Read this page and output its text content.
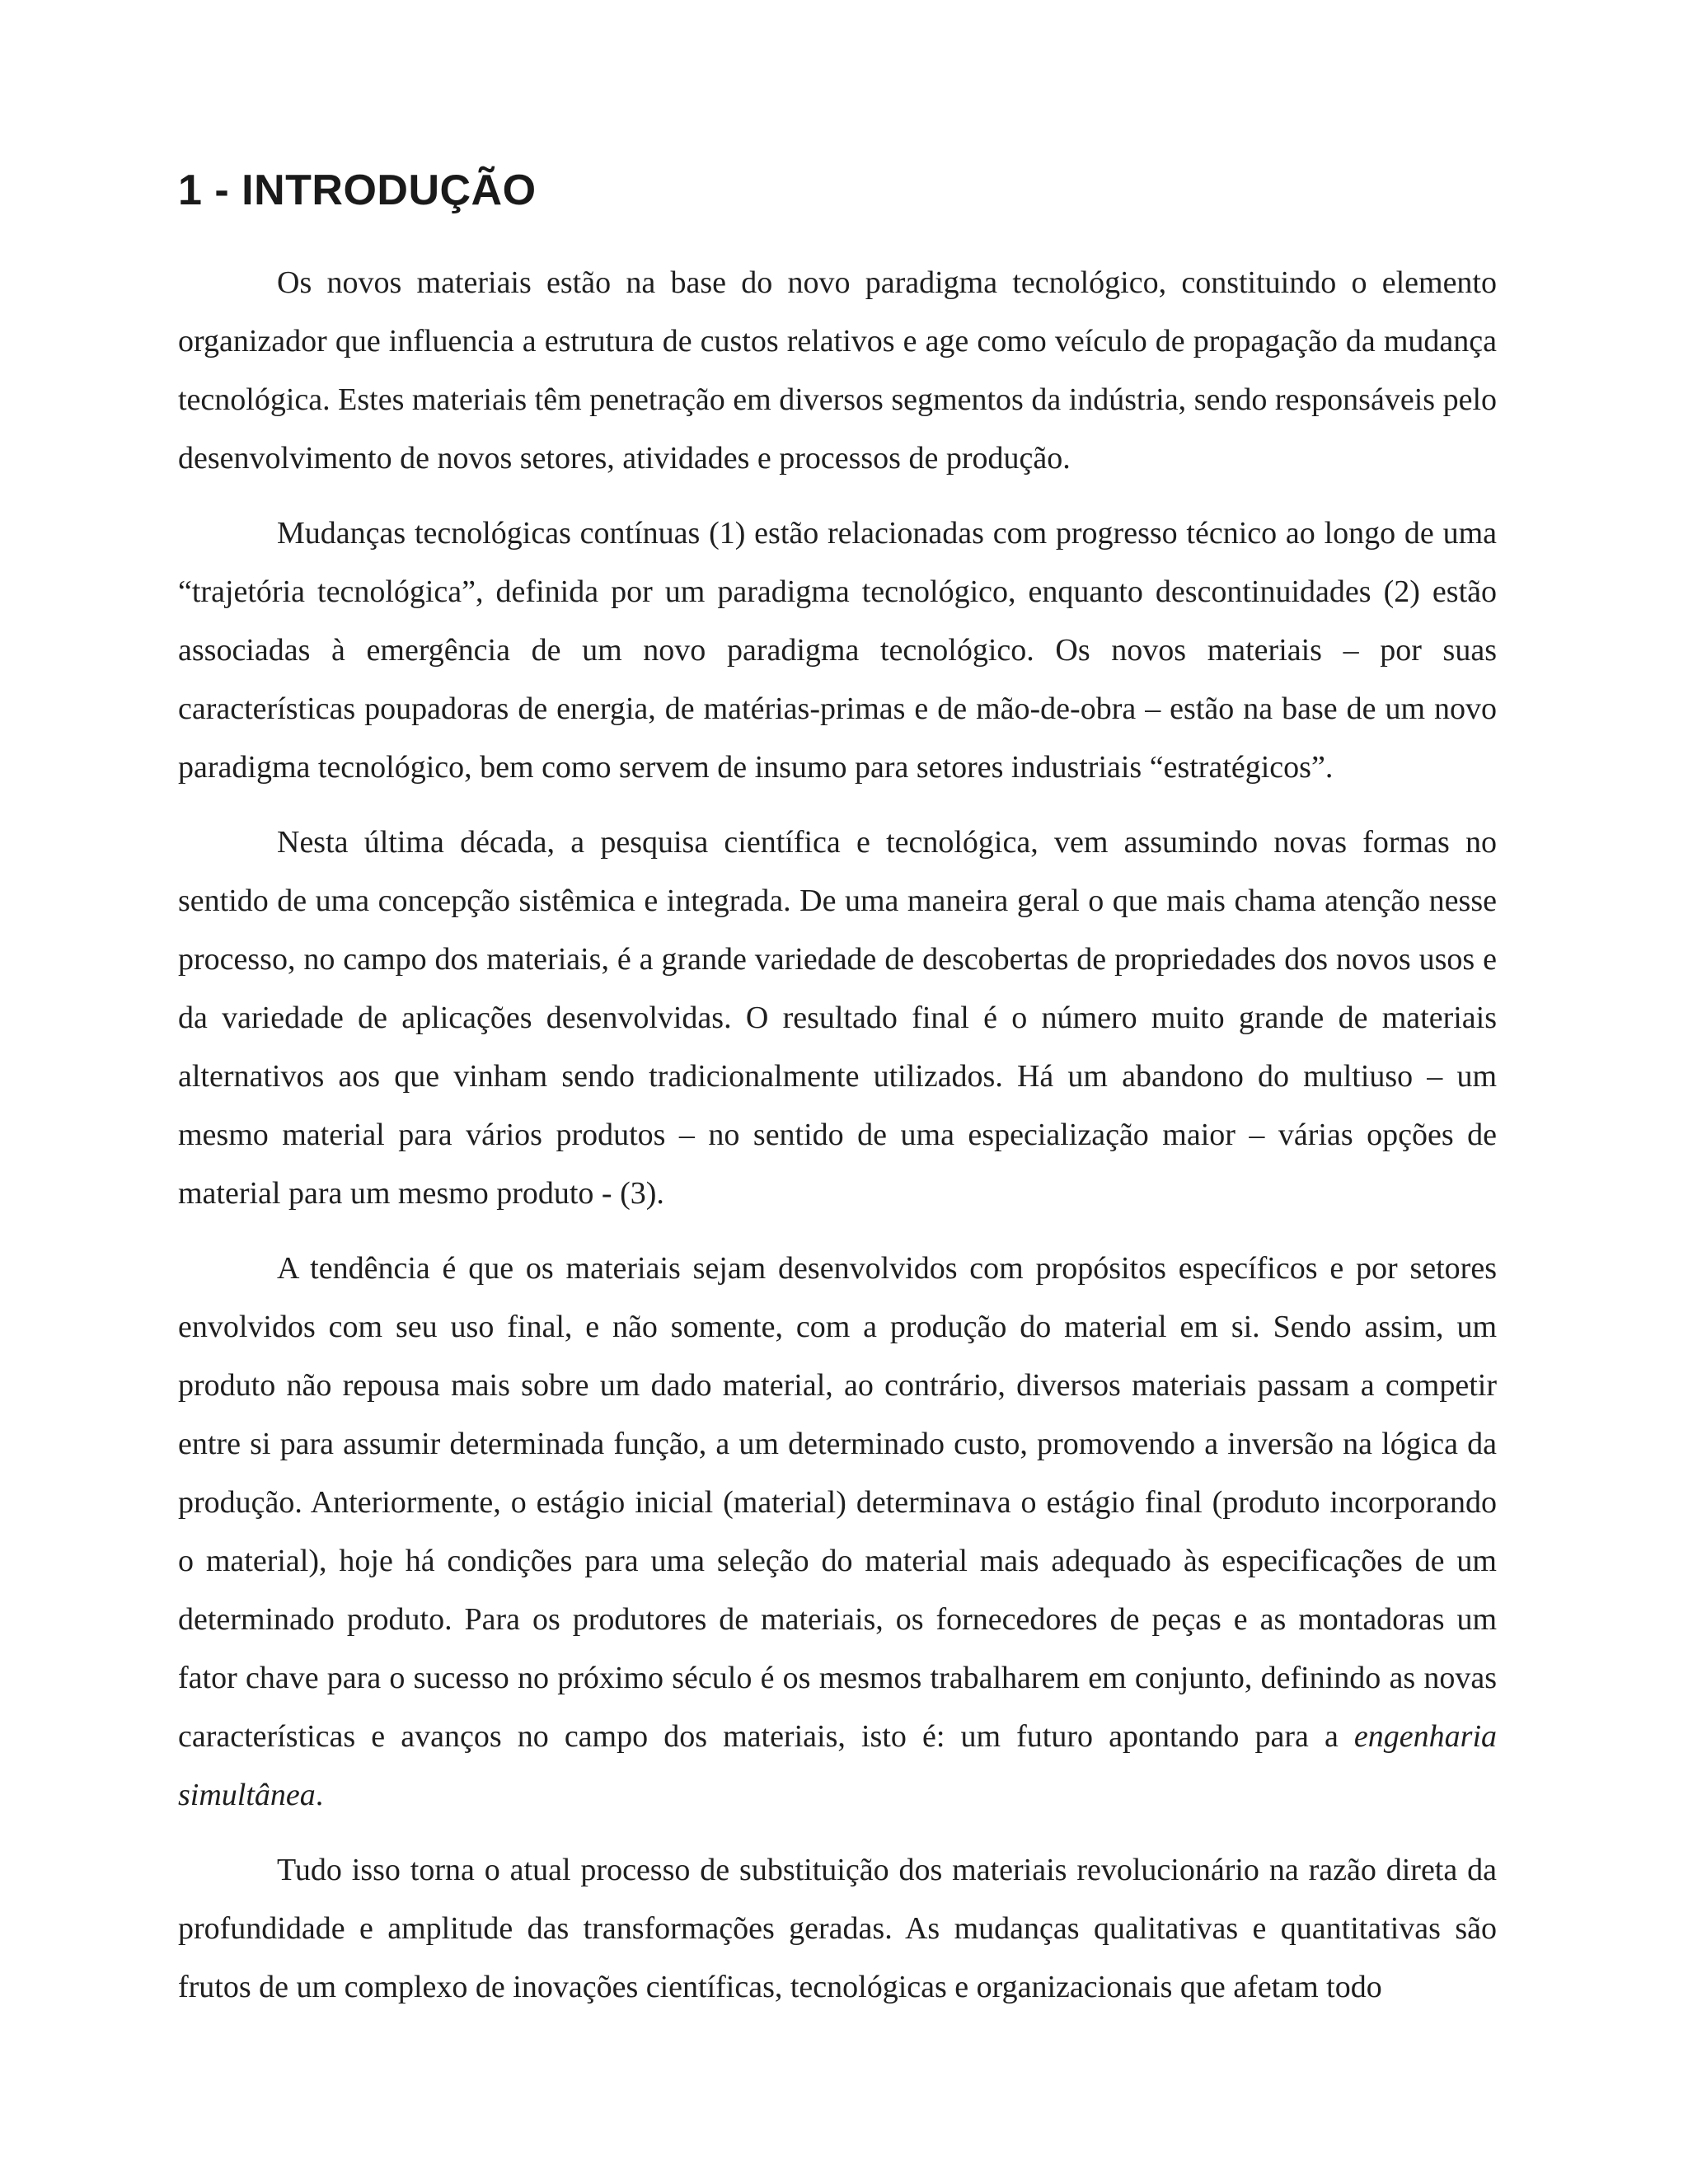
1 - INTRODUÇÃO

Os novos materiais estão na base do novo paradigma tecnológico, constituindo o elemento organizador que influencia a estrutura de custos relativos e age como veículo de propagação da mudança tecnológica. Estes materiais têm penetração em diversos segmentos da indústria, sendo responsáveis pelo desenvolvimento de novos setores, atividades e processos de produção.

Mudanças tecnológicas contínuas (1) estão relacionadas com progresso técnico ao longo de uma “trajetória tecnológica”, definida por um paradigma tecnológico, enquanto descontinuidades (2) estão associadas à emergência de um novo paradigma tecnológico. Os novos materiais – por suas características poupadoras de energia, de matérias-primas e de mão-de-obra – estão na base de um novo paradigma tecnológico, bem como servem de insumo para setores industriais “estratégicos”.

Nesta última década, a pesquisa científica e tecnológica, vem assumindo novas formas no sentido de uma concepção sistêmica e integrada. De uma maneira geral o que mais chama atenção nesse processo, no campo dos materiais, é a grande variedade de descobertas de propriedades dos novos usos e da variedade de aplicações desenvolvidas. O resultado final é o número muito grande de materiais alternativos aos que vinham sendo tradicionalmente utilizados. Há um abandono do multiuso – um mesmo material para vários produtos – no sentido de uma especialização maior – várias opções de material para um mesmo produto - (3).

A tendência é que os materiais sejam desenvolvidos com propósitos específicos e por setores envolvidos com seu uso final, e não somente, com a produção do material em si. Sendo assim, um produto não repousa mais sobre um dado material, ao contrário, diversos materiais passam a competir entre si para assumir determinada função, a um determinado custo, promovendo a inversão na lógica da produção. Anteriormente, o estágio inicial (material) determinava o estágio final (produto incorporando o material), hoje há condições para uma seleção do material mais adequado às especificações de um determinado produto. Para os produtores de materiais, os fornecedores de peças e as montadoras um fator chave para o sucesso no próximo século é os mesmos trabalharem em conjunto, definindo as novas características e avanços no campo dos materiais, isto é: um futuro apontando para a engenharia simultânea.

Tudo isso torna o atual processo de substituição dos materiais revolucionário na razão direta da profundidade e amplitude das transformações geradas. As mudanças qualitativas e quantitativas são frutos de um complexo de inovações científicas, tecnológicas e organizacionais que afetam todo
